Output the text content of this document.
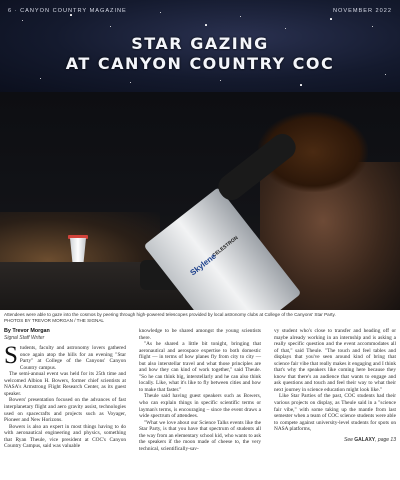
6 · CANYON COUNTRY MAGAZINE	NOVEMBER 2022
STAR GAZING
AT CANYON COUNTRY COC
CELESTRON
Skylene
Attendees were able to gaze into the cosmos by peering through high-powered telescopes provided by local astronomy clubs at College of the Canyons' Star Party.
PHOTOS BY TREVOR MORGAN / THE SIGNAL
By Trevor Morgan
Signal Staff Writer
S tudents, faculty and astronomy lovers gathered once again atop the hills for an evening "Star Party" at College of the Canyons' Canyon Country campus.

The semi-annual event was held for its 25th time and welcomed Albion H. Bowers, former chief scientists at NASA's Armstrong Flight Research Center, as its guest speaker.

Bowers' presentation focused on the advances of fast interplanetary flight and aero gravity assist, technologies used on spacecrafts and projects such as Voyager, Pioneer and New Horizons.

Bowers is also an expert in most things having to do with aeronautical engineering and physics, something that Ryan Theule, vice president at COC's Canyon Country Campus, said was valuable

knowledge to be shared amongst the young scientists there.

"As he shared a little bit tonight, bringing that aeronautical and aerospace expertise to both domestic flight — in terms of how planes fly from city to city — but also interstellar travel and what those principles are and how they can kind of work together," said Theule. "So he can think big, interstellarly and he can also think locally. Like, what it's like to fly between cities and how to make that faster."

Theule said having guest speakers such as Bowers, who can explain things in specific scientific terms or layman's terms, is encouraging – since the event draws a wide spectrum of attendees.

"What we love about our Science Talks events like the Star Party, is that you have that spectrum of students all the way from an elementary school kid, who wants to ask the speakers if the moon made of cheese to, the very technical, scientifically-sav-

vy student who's close to transfer and heading off or maybe already working in an internship and is asking a really specific question and the event accommodates all of that," said Theule. "The touch and feel tables and displays that you've seen around kind of bring that science fair vibe that really makes it engaging and I think that's why the speakers like coming here because they know that there's an audience that wants to engage and ask questions and touch and feel their way to what their next journey in science education might look like."

Like Star Parties of the past, COC students had their various projects on display, as Theule said in a "science fair vibe," with some taking up the mantle from last semester when a team of COC science students were able to compete against university-level students for spots on NASA platforms,

See GALAXY, page 13
